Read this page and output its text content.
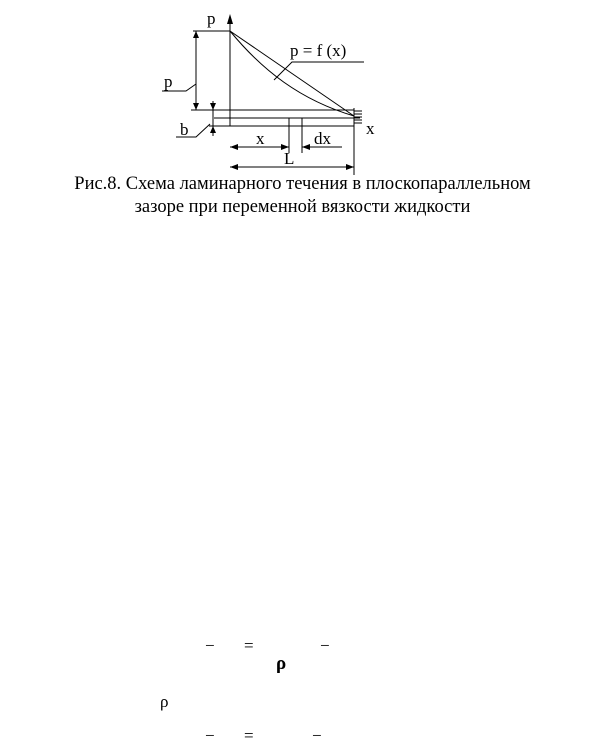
p
p
p = f (x)
b	x
x	dx
L
Рис.8. Схема ламинарного течения в плоскопараллельном
зазоре при переменной вязкости жидкости
− =	−
ρ
ρ
− =	−
